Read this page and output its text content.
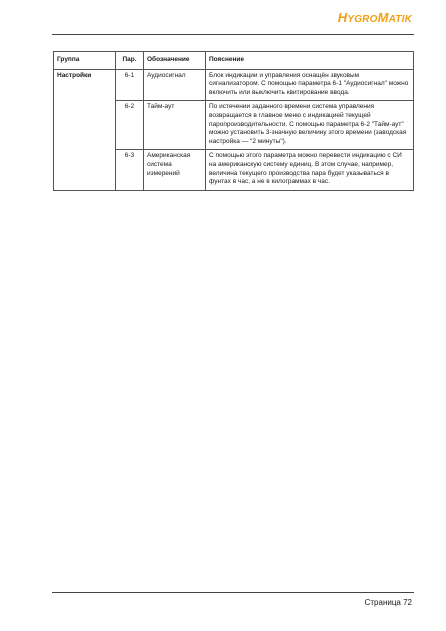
HYGROMATIK
Группа	Пар.	Обозначение	Пояснение
Настройки	6-1	Аудиосигнал	Блок индикации и управления оснащён звуковым сигнализатором. С помощью параметра 6-1 "Аудиосигнал" можно включить или выключить квитирование ввода.
	6-2	Тайм-аут	По истечении заданного времени система управления возвращается в главное меню с индикацией текущей паропроизводительности. С помощью параметра 6-2 "Тайм-аут" можно установить 3-значную величину этого времени (заводская настройка — "2 минуты").
	6-3	Американская система измерений	С помощью этого параметра можно перевести индикацию с СИ на американскую систему единиц. В этом случае, например, величина текущего производства пара будет указываться в фунтах в час, а не в килограммах в час.
Страница 72
